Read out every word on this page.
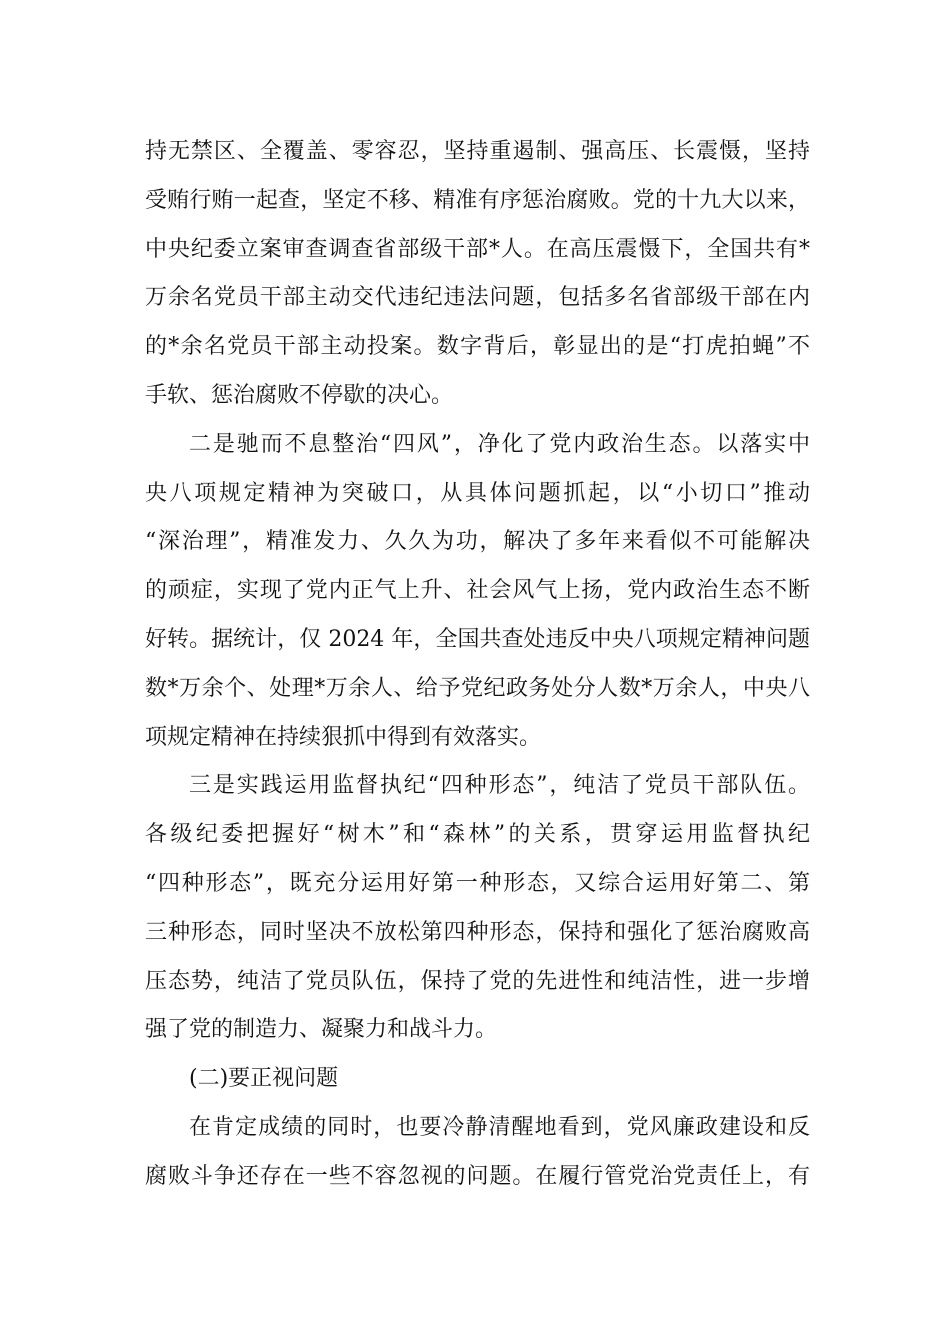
持无禁区、全覆盖、零容忍，坚持重遏制、强高压、长震慑，坚持
受贿行贿一起查，坚定不移、精准有序惩治腐败。党的十九大以来，
中央纪委立案审查调查省部级干部*人。在高压震慑下，全国共有*
万余名党员干部主动交代违纪违法问题，包括多名省部级干部在内
的*余名党员干部主动投案。数字背后，彰显出的是“打虎拍蝇”不
手软、惩治腐败不停歇的决心。
二是驰而不息整治“四风”，净化了党内政治生态。以落实中
央八项规定精神为突破口，从具体问题抓起，以“小切口”推动
“深治理”，精准发力、久久为功，解决了多年来看似不可能解决
的顽症，实现了党内正气上升、社会风气上扬，党内政治生态不断
好转。据统计，仅 2024 年，全国共查处违反中央八项规定精神问题
数*万余个、处理*万余人、给予党纪政务处分人数*万余人，中央八
项规定精神在持续狠抓中得到有效落实。
三是实践运用监督执纪“四种形态”，纯洁了党员干部队伍。
各级纪委把握好“树木”和“森林”的关系，贯穿运用监督执纪
“四种形态”，既充分运用好第一种形态，又综合运用好第二、第
三种形态，同时坚决不放松第四种形态，保持和强化了惩治腐败高
压态势，纯洁了党员队伍，保持了党的先进性和纯洁性，进一步增
强了党的制造力、凝聚力和战斗力。
(二)要正视问题
在肯定成绩的同时，也要冷静清醒地看到，党风廉政建设和反
腐败斗争还存在一些不容忽视的问题。在履行管党治党责任上，有
